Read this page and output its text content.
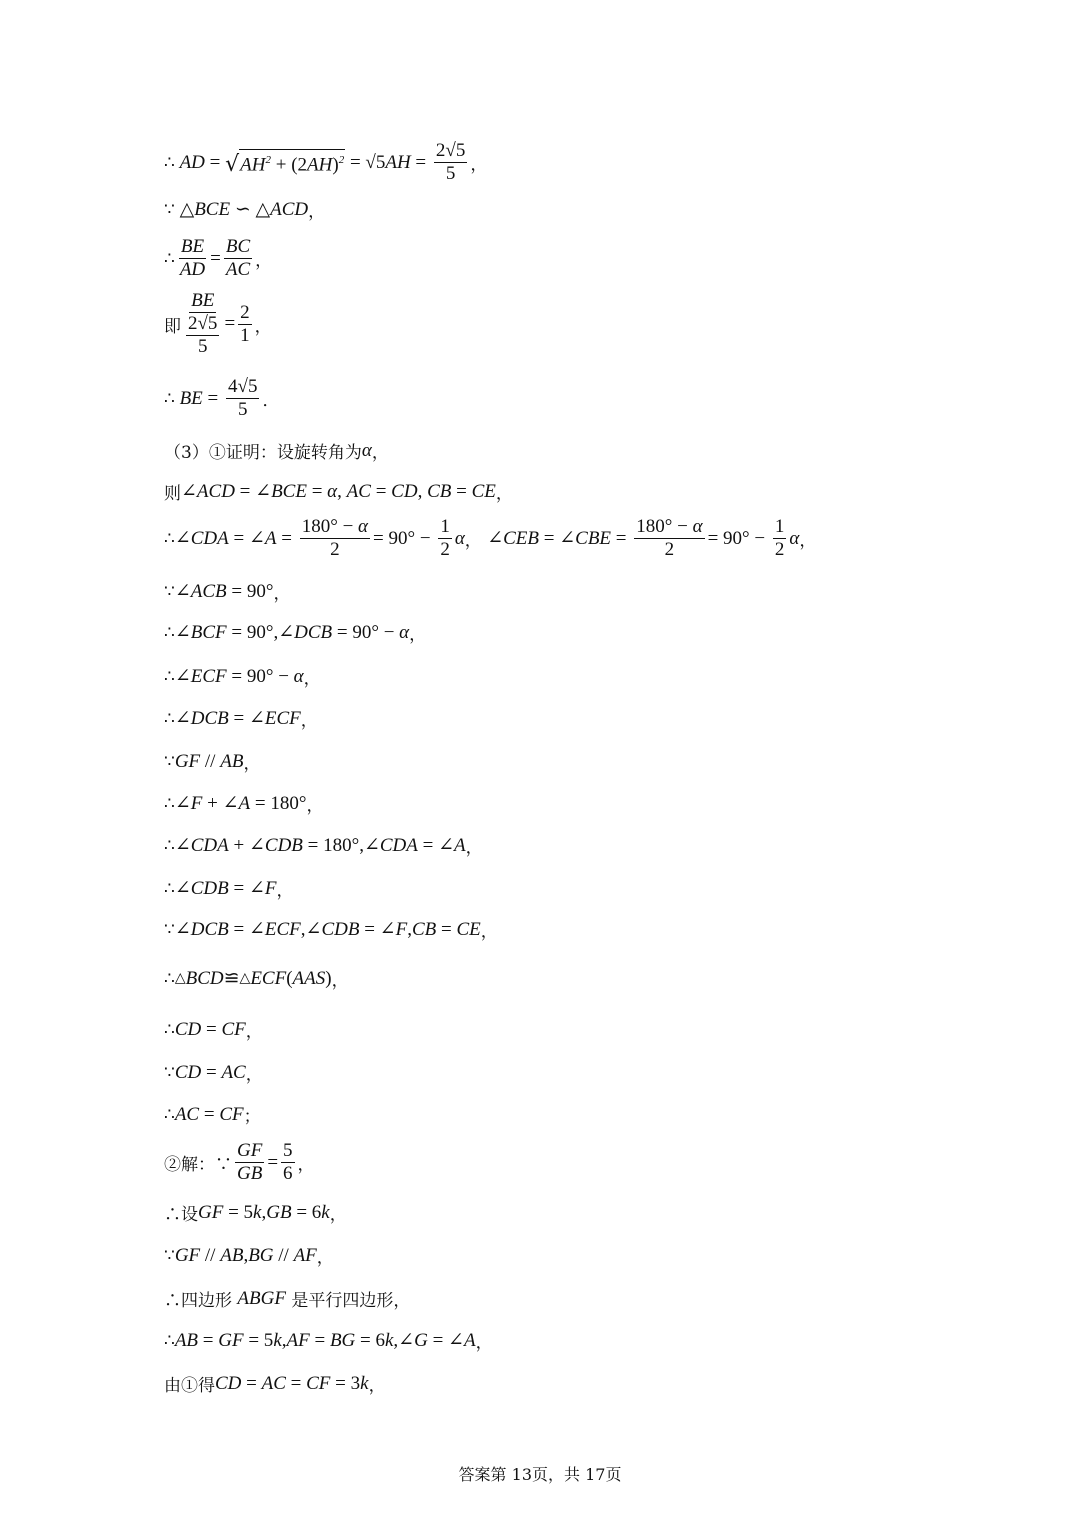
∴ AD = √ $AH^2 + (2AH)^2 = √5$ AH = $\frac{2√5}{5}$ ，
∵ △ BCE ∽ △ ACD ，
∴ $\frac{BE}{AD} = \frac{BC}{AC}$ ，
即 $\frac{BE}{\frac{2√5}{5}} = \frac{2}{1}$ ，
∴ BE = $\frac{4√5}{5}$ ．
（3）①证明：设旋转角为 α ，
则 ∠ ACD = ∠ BCE = α , AC = CD , CB = CE ，
∴ ∠ CDA = ∠ $A = \frac{180^\circ - \alpha}{2} = 90^\circ - \frac{1}{2}$ α ， ∠ CEB = ∠ CBE = $\frac{180^\circ - \alpha}{2} = 90^\circ - \frac{1}{2}$ α ，
∵ ∠ ACB = 90° ，
∴ ∠ BCF = 90°,∠ DCB = 90° − α ，
∴ ∠ ECF = 90° − α ，
∴ ∠ DCB = ∠ ECF ，
∵ GF // AB ，
∴ ∠ F + ∠ A = 180° ，
∴ ∠ CDA + ∠ CDB = 180°,∠ CDA = ∠ A ，
∴ ∠ CDB = ∠ F ，
∵ ∠ DCB = ∠ ECF ,∠ CDB = ∠ F , CB = CE ，
∴ △ BCD ≌ △ ECF ( AAS ) ，
∴ CD = CF ，
∵ CD = AC ，
∴ AC = CF ；
②解：∵ $\frac{GF}{GB} = \frac{5}{6}$ ，
∴设 GF = 5 k , GB = 6 k ，
∵ GF // AB , BG // AF ，
∴四边形 ABGF 是平行四边形，
∴ AB = GF = 5 k , AF = BG = 6 k ,∠ G = ∠ A ，
由①得 CD = AC = CF = 3 k ，
答案第 13页，共 17页
